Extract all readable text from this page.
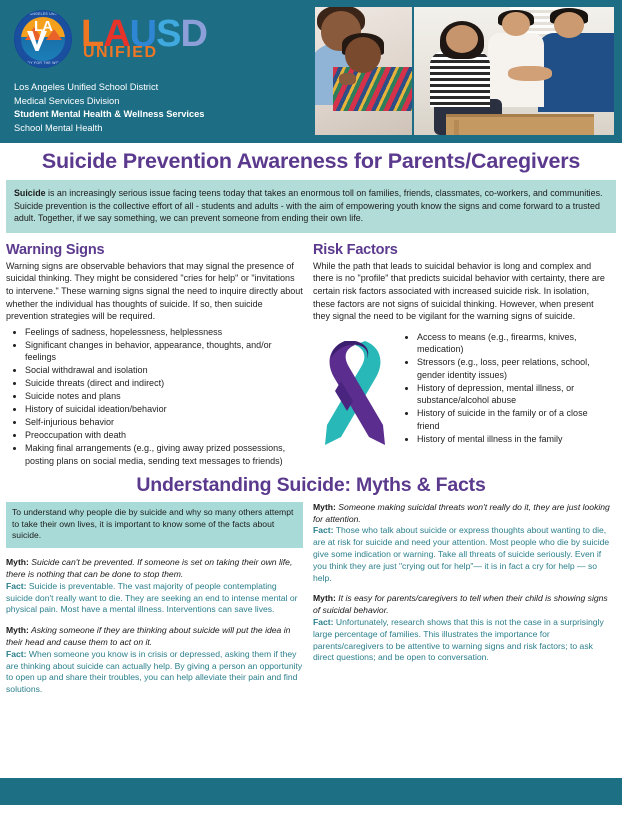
LOS ANGELES UNIFIED
READY FOR THE WORLD
LA LAUSD
UNIFIED
Los Angeles Unified School District
Medical Services Division
Student Mental Health & Wellness Services
School Mental Health
Suicide Prevention Awareness for Parents/Caregivers
Suicide is an increasingly serious issue facing teens today that takes an enormous toll on families, friends, classmates, co-workers, and communities. Suicide prevention is the collective effort of all - students and adults - with the aim of empowering youth know the signs and come forward to a trusted adult. Together, if we say something, we can prevent someone from ending their own life.
Warning Signs

Warning signs are observable behaviors that may signal the presence of suicidal thinking. They might be considered "cries for help" or "invitations to intervene." These warning signs signal the need to inquire directly about whether the individual has thoughts of suicide. If so, then suicide prevention strategies will be required.

• Feelings of sadness, hopelessness, helplessness
• Significant changes in behavior, appearance, thoughts, and/or feelings
• Social withdrawal and isolation
• Suicide threats (direct and indirect)
• Suicide notes and plans
• History of suicidal ideation/behavior
• Self-injurious behavior
• Preoccupation with death
• Making final arrangements (e.g., giving away prized possessions, posting plans on social media, sending text messages to friends)
Risk Factors

While the path that leads to suicidal behavior is long and complex and there is no "profile" that predicts suicidal behavior with certainty, there are certain risk factors associated with increased suicide risk. In isolation, these factors are not signs of suicidal thinking. However, when present they signal the need to be vigilant for the warning signs of suicide.

• Access to means (e.g., firearms, knives, medication)
• Stressors (e.g., loss, peer relations, school, gender identity issues)
• History of depression, mental illness, or substance/alcohol abuse
• History of suicide in the family or of a close friend
• History of mental illness in the family
Understanding Suicide: Myths & Facts
To understand why people die by suicide and why so many others attempt to take their own lives, it is important to know some of the facts about suicide.
Myth: Suicide can't be prevented. If someone is set on taking their own life, there is nothing that can be done to stop them.
Fact: Suicide is preventable. The vast majority of people contemplating suicide don't really want to die. They are seeking an end to intense mental or physical pain. Most have a mental illness. Interventions can save lives.
Myth: Asking someone if they are thinking about suicide will put the idea in their head and cause them to act on it.
Fact: When someone you know is in crisis or depressed, asking them if they are thinking about suicide can actually help. By giving a person an opportunity to open up and share their troubles, you can help alleviate their pain and find solutions.
Myth: Someone making suicidal threats won't really do it, they are just looking for attention.
Fact: Those who talk about suicide or express thoughts about wanting to die, are at risk for suicide and need your attention. Most people who die by suicide give some indication or warning. Take all threats of suicide seriously. Even if you think they are just "crying out for help"— it is in fact a cry for help — so help.
Myth: It is easy for parents/caregivers to tell when their child is showing signs of suicidal behavior.
Fact: Unfortunately, research shows that this is not the case in a surprisingly large percentage of families. This illustrates the importance for parents/caregivers to be attentive to warning signs and risk factors; to ask direct questions; and be open to conversation.
